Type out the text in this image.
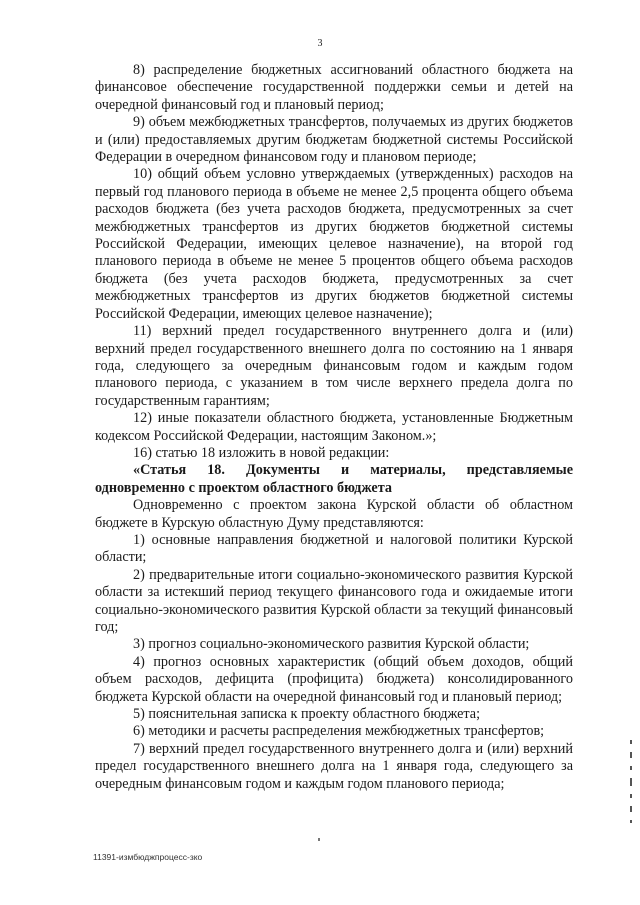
3

8) распределение бюджетных ассигнований областного бюджета на финансовое обеспечение государственной поддержки семьи и детей на очередной финансовый год и плановый период;

9) объем межбюджетных трансфертов, получаемых из других бюджетов и (или) предоставляемых другим бюджетам бюджетной системы Российской Федерации в очередном финансовом году и плановом периоде;

10) общий объем условно утверждаемых (утвержденных) расходов на первый год планового периода в объеме не менее 2,5 процента общего объема расходов бюджета (без учета расходов бюджета, предусмотренных за счет межбюджетных трансфертов из других бюджетов бюджетной системы Российской Федерации, имеющих целевое назначение), на второй год планового периода в объеме не менее 5 процентов общего объема расходов бюджета (без учета расходов бюджета, предусмотренных за счет межбюджетных трансфертов из других бюджетов бюджетной системы Российской Федерации, имеющих целевое назначение);

11) верхний предел государственного внутреннего долга и (или) верхний предел государственного внешнего долга по состоянию на 1 января года, следующего за очередным финансовым годом и каждым годом планового периода, с указанием в том числе верхнего предела долга по государственным гарантиям;

12) иные показатели областного бюджета, установленные Бюджетным кодексом Российской Федерации, настоящим Законом.»;

16) статью 18 изложить в новой редакции:

«Статья 18. Документы и материалы, представляемые одновременно с проектом областного бюджета

Одновременно с проектом закона Курской области об областном бюджете в Курскую областную Думу представляются:

1) основные направления бюджетной и налоговой политики Курской области;

2) предварительные итоги социально-экономического развития Курской области за истекший период текущего финансового года и ожидаемые итоги социально-экономического развития Курской области за текущий финансовый год;

3) прогноз социально-экономического развития Курской области;

4) прогноз основных характеристик (общий объем доходов, общий объем расходов, дефицита (профицита) бюджета) консолидированного бюджета Курской области на очередной финансовый год и плановый период;

5) пояснительная записка к проекту областного бюджета;

6) методики и расчеты распределения межбюджетных трансфертов;

7) верхний предел государственного внутреннего долга и (или) верхний предел государственного внешнего долга на 1 января года, следующего за очередным финансовым годом и каждым годом планового периода;

11391-измбюджпроцесс-зко
